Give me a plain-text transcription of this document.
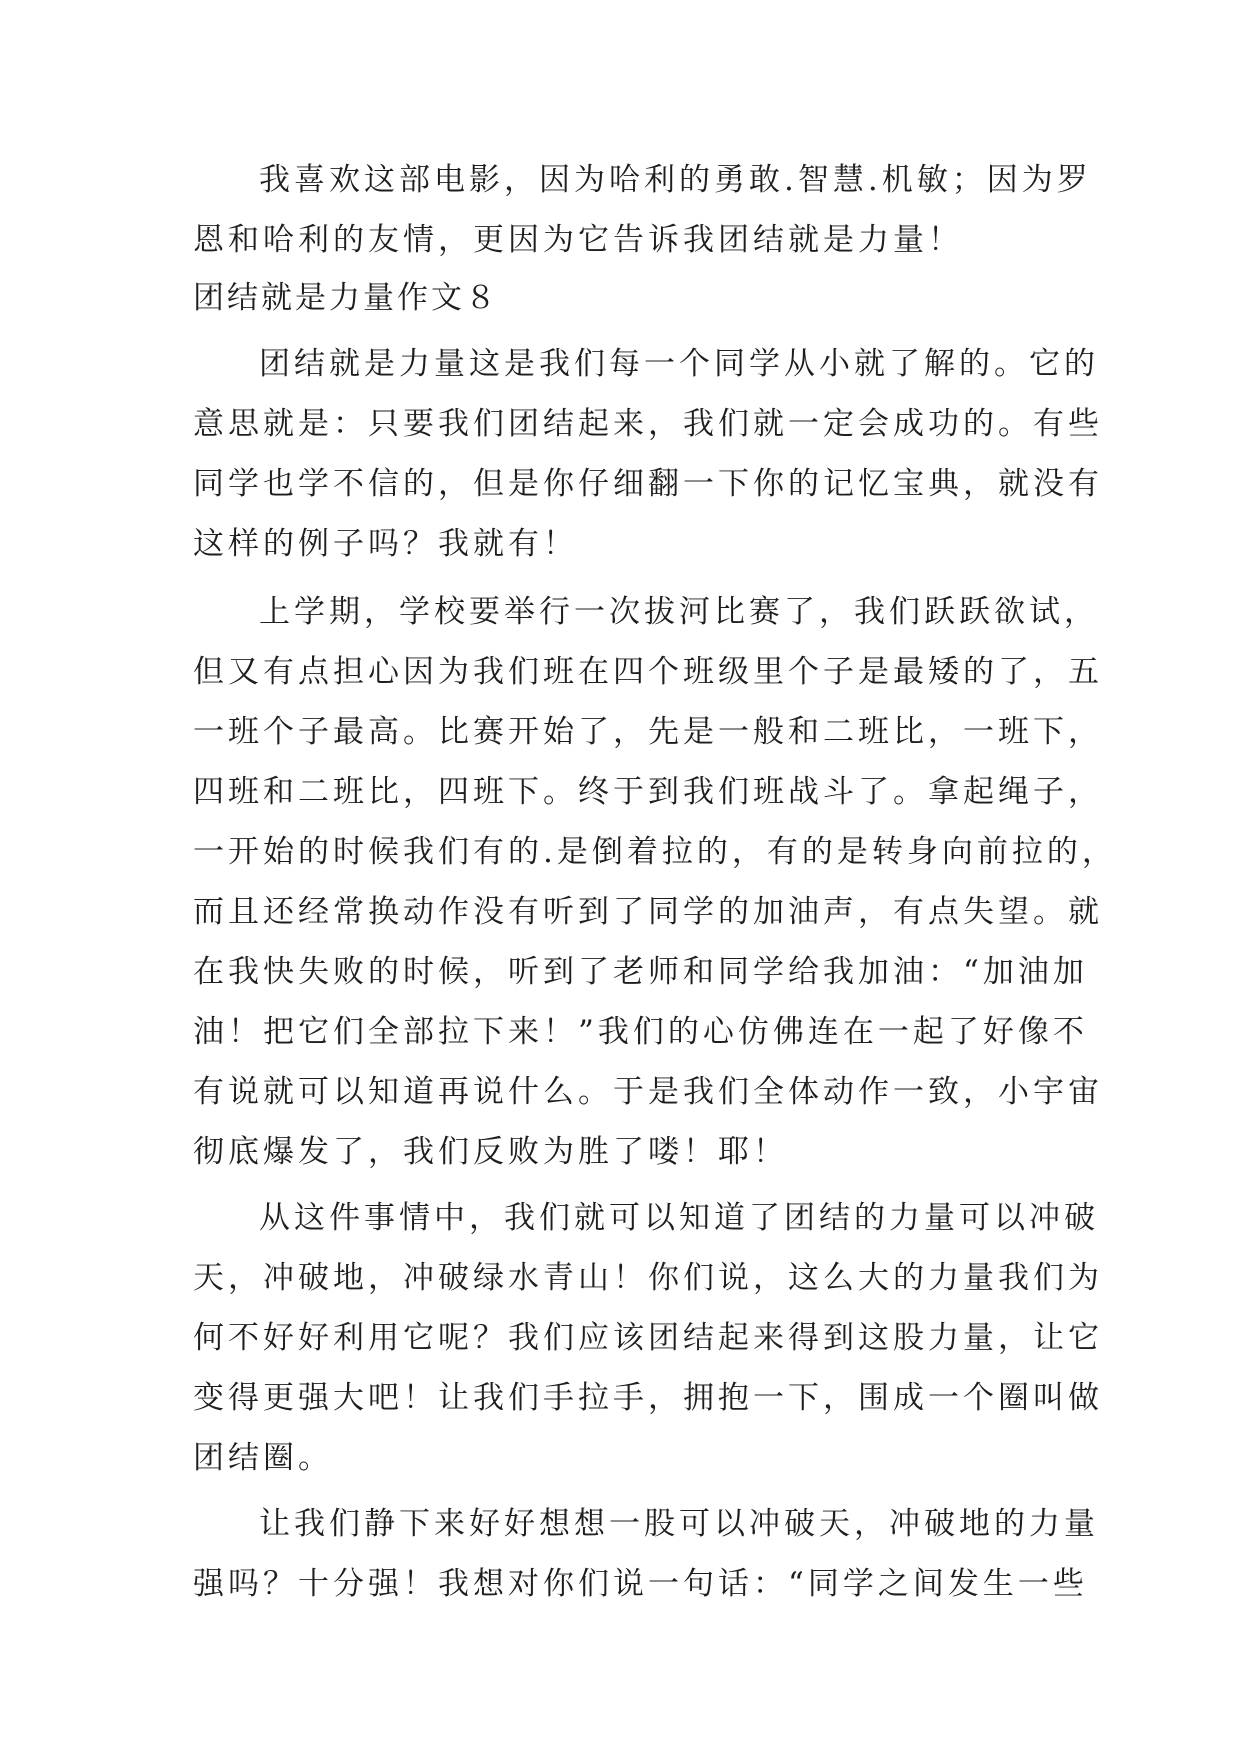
我喜欢这部电影，因为哈利的勇敢.智慧.机敏；因为罗
恩和哈利的友情，更因为它告诉我团结就是力量！
团结就是力量作文８
团结就是力量这是我们每一个同学从小就了解的。它的
意思就是：只要我们团结起来，我们就一定会成功的。有些
同学也学不信的，但是你仔细翻一下你的记忆宝典，就没有
这样的例子吗？我就有！
上学期，学校要举行一次拔河比赛了，我们跃跃欲试，
但又有点担心因为我们班在四个班级里个子是最矮的了，五
一班个子最高。比赛开始了，先是一般和二班比，一班下，
四班和二班比，四班下。终于到我们班战斗了。拿起绳子，
一开始的时候我们有的.是倒着拉的，有的是转身向前拉的，
而且还经常换动作没有听到了同学的加油声，有点失望。就
在我快失败的时候，听到了老师和同学给我加油：“加油加
油！把它们全部拉下来！”我们的心仿佛连在一起了好像不
有说就可以知道再说什么。于是我们全体动作一致，小宇宙
彻底爆发了，我们反败为胜了喽！耶！
从这件事情中，我们就可以知道了团结的力量可以冲破
天，冲破地，冲破绿水青山！你们说，这么大的力量我们为
何不好好利用它呢？我们应该团结起来得到这股力量，让它
变得更强大吧！让我们手拉手，拥抱一下，围成一个圈叫做
团结圈。
让我们静下来好好想想一股可以冲破天，冲破地的力量
强吗？十分强！我想对你们说一句话：“同学之间发生一些
